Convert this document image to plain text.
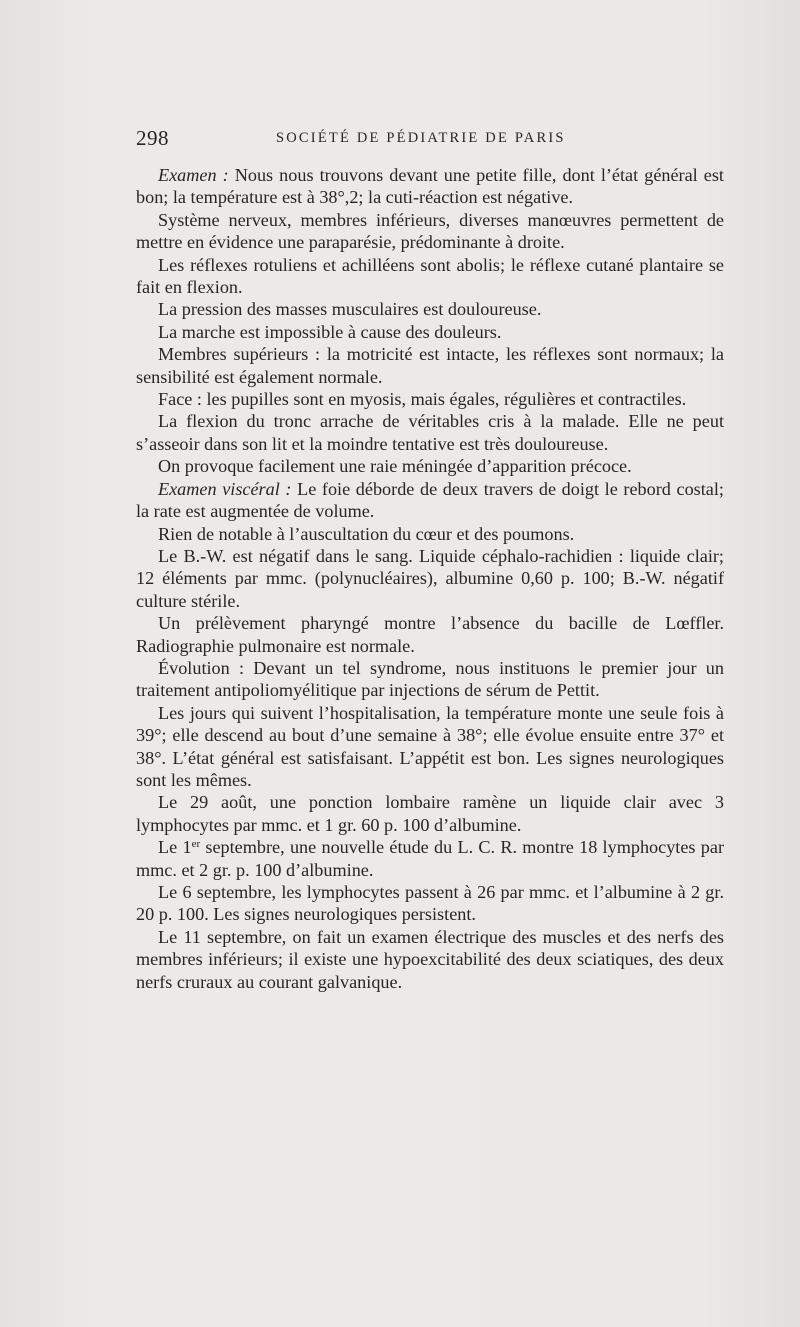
298	SOCIÉTÉ DE PÉDIATRIE DE PARIS

Examen : Nous nous trouvons devant une petite fille, dont l’état général est bon; la température est à 38°,2; la cuti-réaction est négative.

Système nerveux, membres inférieurs, diverses manœuvres permettent de mettre en évidence une paraparésie, prédominante à droite.

Les réflexes rotuliens et achilléens sont abolis; le réflexe cutané plantaire se fait en flexion.

La pression des masses musculaires est douloureuse.

La marche est impossible à cause des douleurs.

Membres supérieurs : la motricité est intacte, les réflexes sont normaux; la sensibilité est également normale.

Face : les pupilles sont en myosis, mais égales, régulières et contractiles.

La flexion du tronc arrache de véritables cris à la malade. Elle ne peut s’asseoir dans son lit et la moindre tentative est très douloureuse.

On provoque facilement une raie méningée d’apparition précoce.

Examen viscéral : Le foie déborde de deux travers de doigt le rebord costal; la rate est augmentée de volume.

Rien de notable à l’auscultation du cœur et des poumons.

Le B.-W. est négatif dans le sang. Liquide céphalo-rachidien : liquide clair; 12 éléments par mmc. (polynucléaires), albumine 0,60 p. 100; B.-W. négatif culture stérile.

Un prélèvement pharyngé montre l’absence du bacille de Lœffler. Radiographie pulmonaire est normale.

Évolution : Devant un tel syndrome, nous instituons le premier jour un traitement antipoliomyélitique par injections de sérum de Pettit.

Les jours qui suivent l’hospitalisation, la température monte une seule fois à 39°; elle descend au bout d’une semaine à 38°; elle évolue ensuite entre 37° et 38°. L’état général est satisfaisant. L’appétit est bon. Les signes neurologiques sont les mêmes.

Le 29 août, une ponction lombaire ramène un liquide clair avec 3 lymphocytes par mmc. et 1 gr. 60 p. 100 d’albumine.

Le 1er septembre, une nouvelle étude du L. C. R. montre 18 lymphocytes par mmc. et 2 gr. p. 100 d’albumine.

Le 6 septembre, les lymphocytes passent à 26 par mmc. et l’albumine à 2 gr. 20 p. 100. Les signes neurologiques persistent.

Le 11 septembre, on fait un examen électrique des muscles et des nerfs des membres inférieurs; il existe une hypoexcitabilité des deux sciatiques, des deux nerfs cruraux au courant galvanique.
